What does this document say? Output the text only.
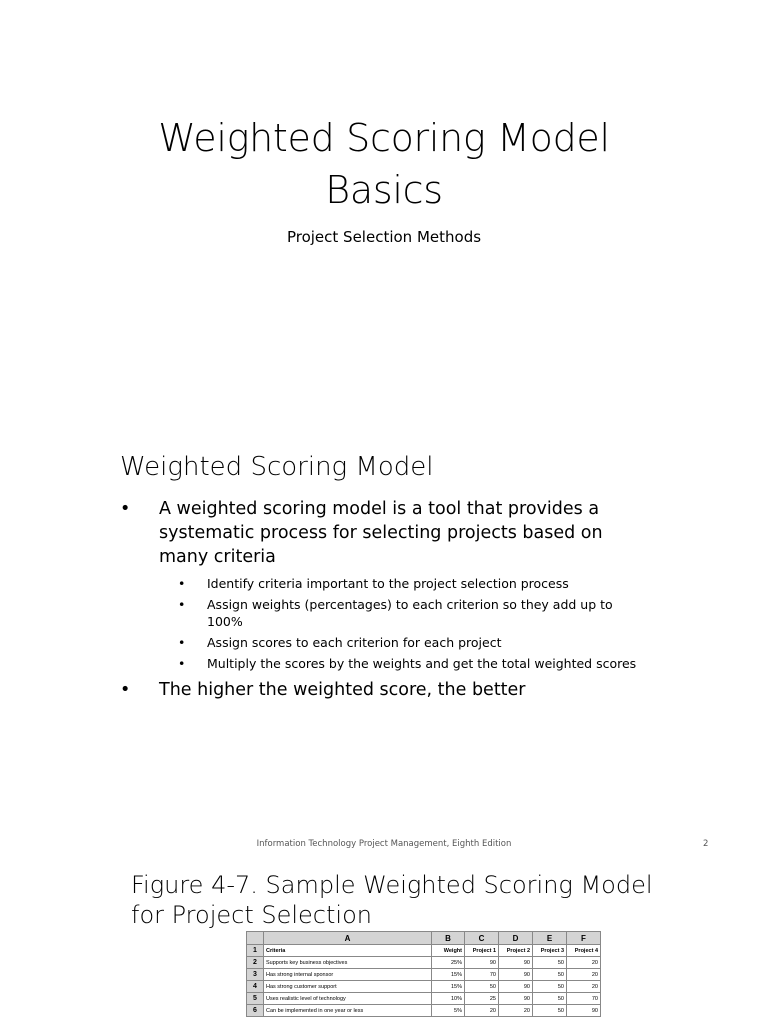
Weighted Scoring Model
Basics
Project Selection Methods
Weighted Scoring Model
• A weighted scoring model is a tool that provides a systematic process for selecting projects based on many criteria
• Identify criteria important to the project selection process
• Assign weights (percentages) to each criterion so they add up to 100%
• Assign scores to each criterion for each project
• Multiply the scores by the weights and get the total weighted scores
• The higher the weighted score, the better
Information Technology Project Management, Eighth Edition	2
Figure 4-7. Sample Weighted Scoring Model for Project Selection
	A	B	C	D	E	F
1	Criteria	Weight	Project 1	Project 2	Project 3	Project 4
2	Supports key business objectives	25%	90	90	50	20
3	Has strong internal sponsor	15%	70	90	50	20
4	Has strong customer support	15%	50	90	50	20
5	Uses realistic level of technology	10%	25	90	50	70
6	Can be implemented in one year or less	5%	20	20	50	90
